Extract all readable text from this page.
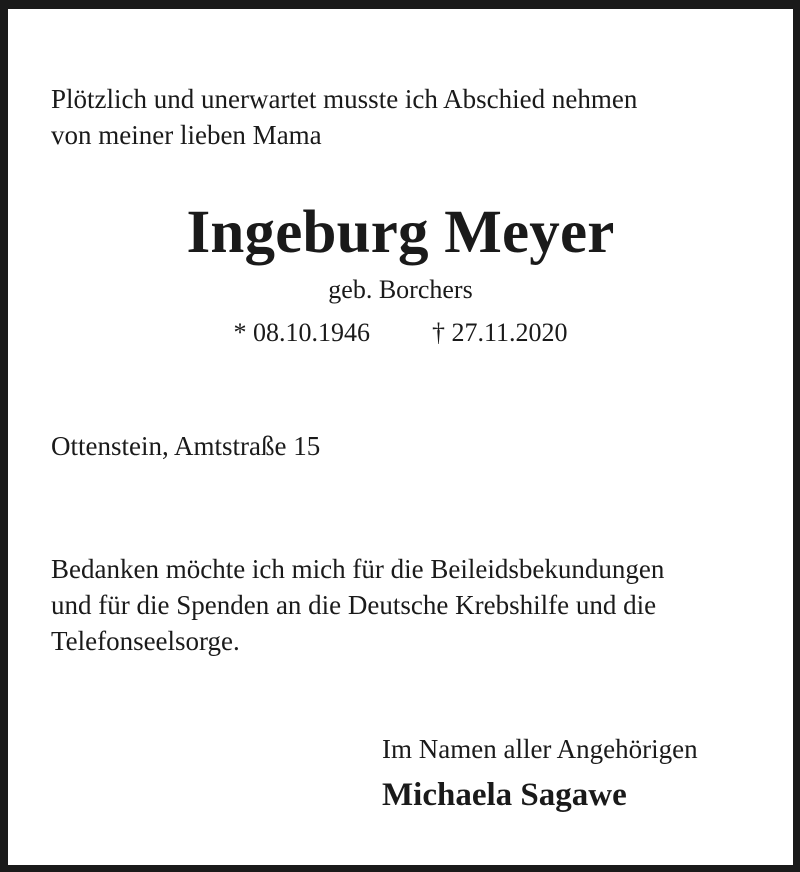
Plötzlich und unerwartet musste ich Abschied nehmen
von meiner lieben Mama

Ingeburg Meyer

geb. Borchers

* 08.10.1946 † 27.11.2020

Ottenstein, Amtstraße 15

Bedanken möchte ich mich für die Beileidsbekundungen
und für die Spenden an die Deutsche Krebshilfe und die
Telefonseelsorge.

Im Namen aller Angehörigen

Michaela Sagawe
